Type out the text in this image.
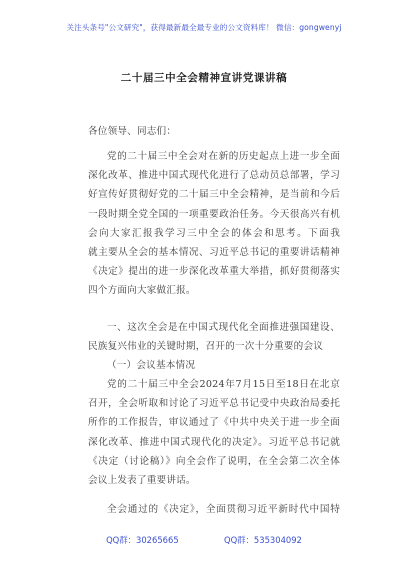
关注头条号"公文研究"，获得最新最全最专业的公文资料库！ 微信：gongwenyj
二十届三中全会精神宣讲党课讲稿
各位领导、同志们：
党的二十届三中全会对在新的历史起点上进一步全面
深化改革、推进中国式现代化进行了总动员总部署，学习
好宣传好贯彻好党的二十届三中全会精神，是当前和今后
一段时期全党全国的一项重要政治任务。今天很高兴有机
会向大家汇报我学习三中全会的体会和思考。下面我
就主要从全会的基本情况、习近平总书记的重要讲话精神
《决定》提出的进一步深化改革重大举措，抓好贯彻落实
四个方面向大家做汇报。
一、这次全会是在中国式现代化全面推进强国建设、
民族复兴伟业的关键时期，召开的一次十分重要的会议
（一）会议基本情况
党的二十届三中全会2024年7月15日至18日在北京
召开，全会听取和讨论了习近平总书记受中央政治局委托
所作的工作报告，审议通过了《中共中央关于进一步全面
深化改革、推进中国式现代化的决定》。习近平总书记就
《决定（讨论稿）》向全会作了说明，在全会第二次全体
会议上发表了重要讲话。
全会通过的《决定》，全面贯彻习近平新时代中国特
QQ群：30265665	QQ群：535304092
